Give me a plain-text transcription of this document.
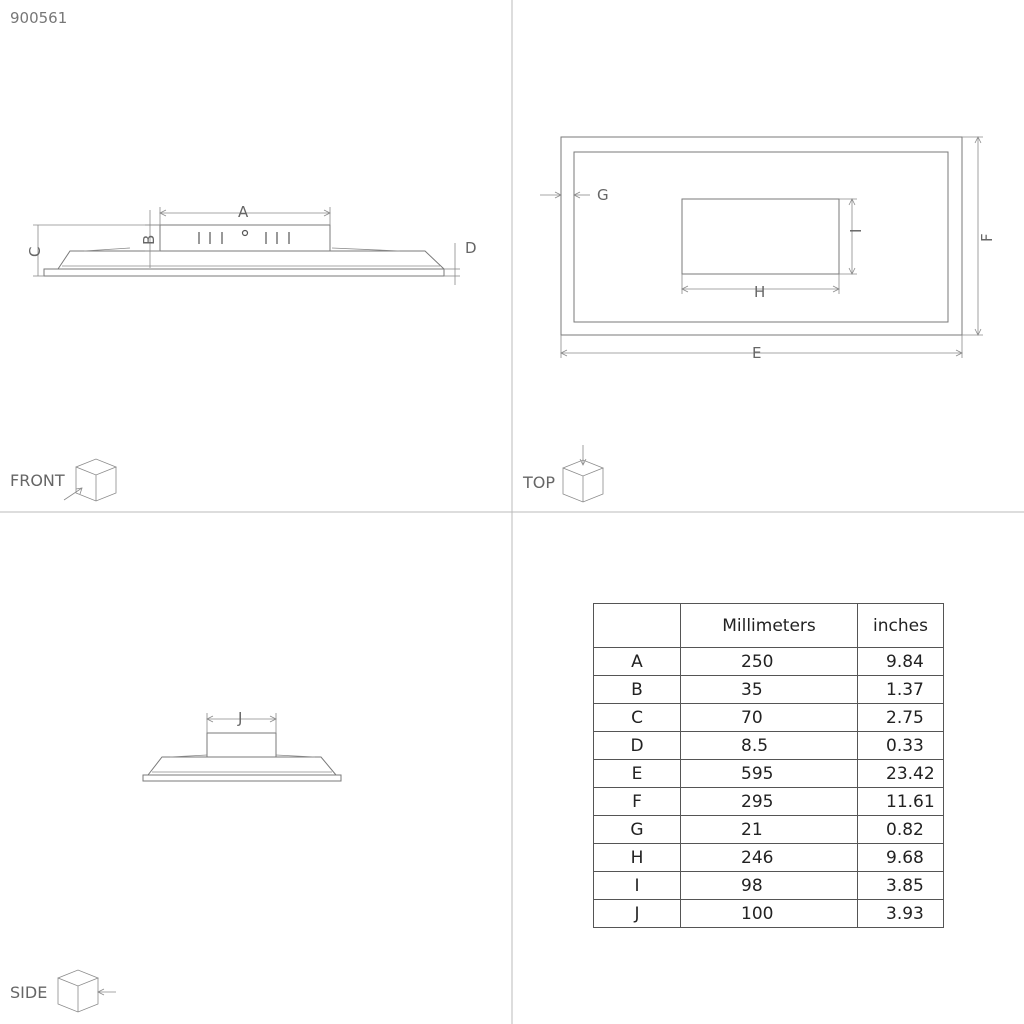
900561
A
B
C	D
FRONT
G
E
F
H
I
TOP
J
SIDE
	Millimeters	inches
A	250	9.84
B	35	1.37
C	70	2.75
D	8.5	0.33
E	595	23.42
F	295	11.61
G	21	0.82
H	246	9.68
I	98	3.85
J	100	3.93
